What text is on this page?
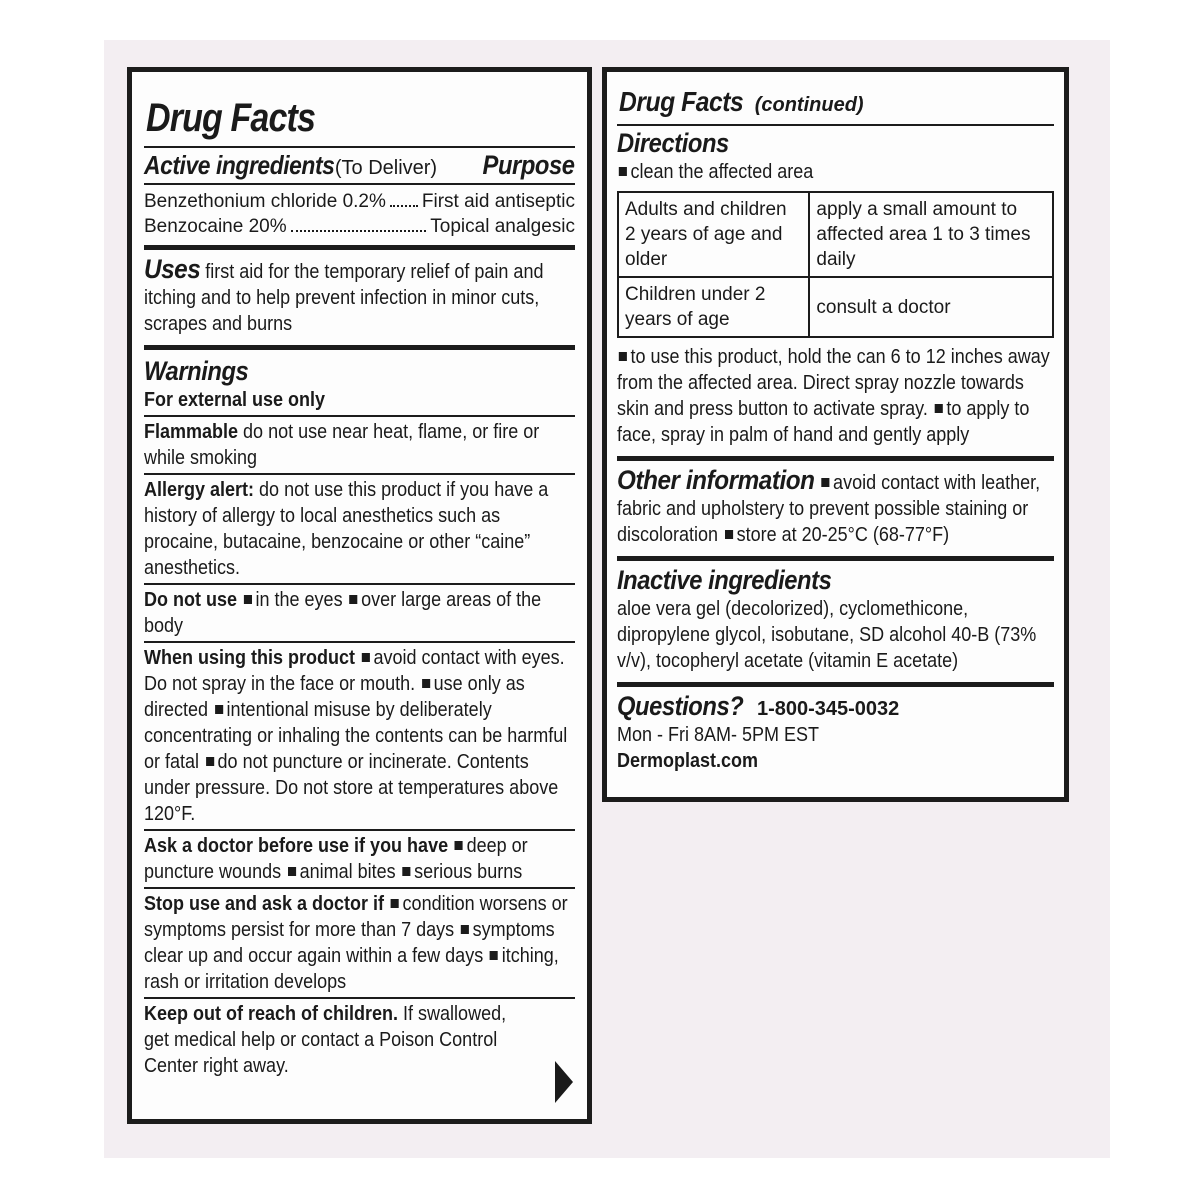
Drug Facts
Active ingredients (To Deliver) Purpose
Benzethonium chloride 0.2% First aid antiseptic
Benzocaine 20%	Topical analgesic
Uses first aid for the temporary relief of pain and itching and to help prevent infection in minor cuts, scrapes and burns
Warnings
For external use only
Flammable do not use near heat, flame, or fire or while smoking
Allergy alert: do not use this product if you have a history of allergy to local anesthetics such as procaine, butacaine, benzocaine or other “caine” anesthetics.
Do not use in the eyes over large areas of the body
When using this product avoid contact with eyes. Do not spray in the face or mouth. use only as directed intentional misuse by deliberately concentrating or inhaling the contents can be harmful or fatal do not puncture or incinerate. Contents under pressure. Do not store at temperatures above 120°F.
Ask a doctor before use if you have deep or puncture wounds animal bites serious burns
Stop use and ask a doctor if condition worsens or symptoms persist for more than 7 days symptoms clear up and occur again within a few days itching, rash or irritation develops
Keep out of reach of children. If swallowed, get medical help or contact a Poison Control Center right away.
Drug Facts (continued)
Directions
clean the affected area
Adults and children 2 years of age and older	apply a small amount to affected area 1 to 3 times daily
Children under 2 years of age	consult a doctor
to use this product, hold the can 6 to 12 inches away from the affected area. Direct spray nozzle towards skin and press button to activate spray. to apply to face, spray in palm of hand and gently apply
Other information avoid contact with leather, fabric and upholstery to prevent possible staining or discoloration store at 20-25°C (68-77°F)
Inactive ingredients
aloe vera gel (decolorized), cyclomethicone, dipropylene glycol, isobutane, SD alcohol 40-B (73% v/v), tocopheryl acetate (vitamin E acetate)
Questions? 1-800-345-0032
Mon - Fri 8AM- 5PM EST
Dermoplast.com
